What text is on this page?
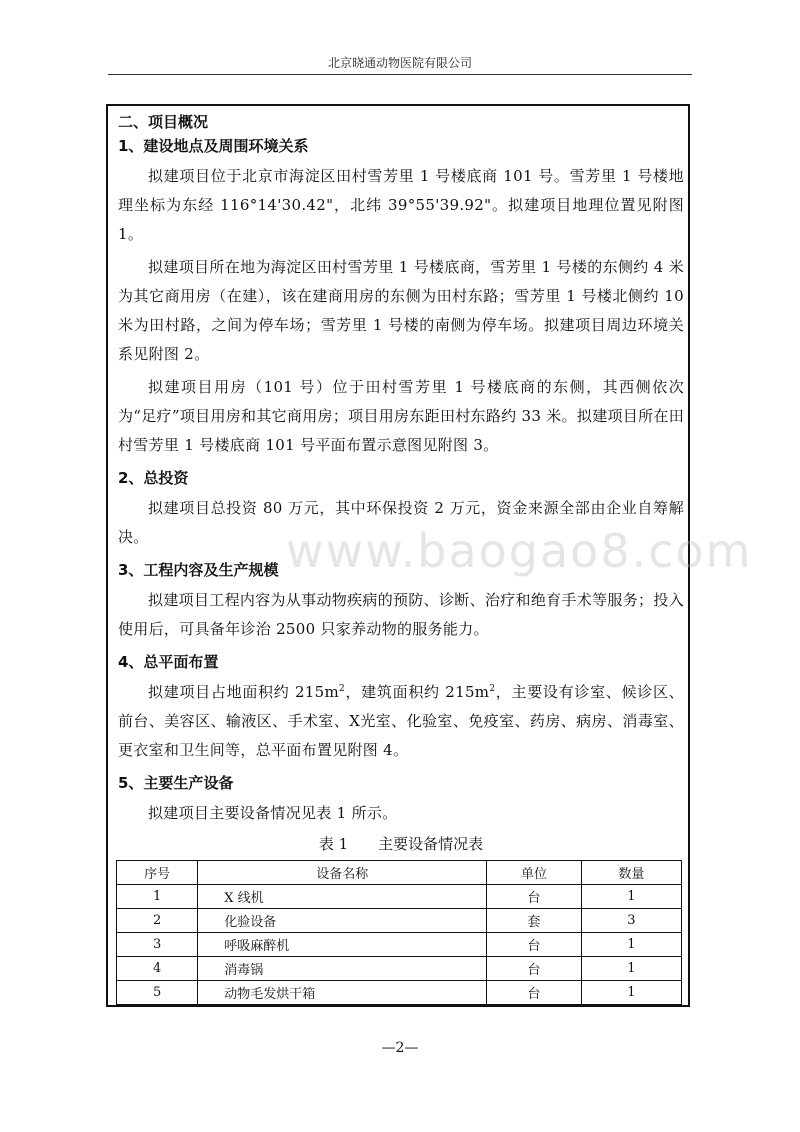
北京晓通动物医院有限公司
www.baogao8.com

二、项目概况

1、建设地点及周围环境关系

拟建项目位于北京市海淀区田村雪芳里 1 号楼底商 101 号。雪芳里 1 号楼地理坐标为东经 116°14'30.42"，北纬 39°55'39.92"。拟建项目地理位置见附图 1。

拟建项目所在地为海淀区田村雪芳里 1 号楼底商，雪芳里 1 号楼的东侧约 4 米为其它商用房（在建），该在建商用房的东侧为田村东路；雪芳里 1 号楼北侧约 10 米为田村路，之间为停车场；雪芳里 1 号楼的南侧为停车场。拟建项目周边环境关系见附图 2。

拟建项目用房（101 号）位于田村雪芳里 1 号楼底商的东侧，其西侧依次为“足疗”项目用房和其它商用房；项目用房东距田村东路约 33 米。拟建项目所在田村雪芳里 1 号楼底商 101 号平面布置示意图见附图 3。

2、总投资

拟建项目总投资 80 万元，其中环保投资 2 万元，资金来源全部由企业自筹解决。

3、工程内容及生产规模

拟建项目工程内容为从事动物疾病的预防、诊断、治疗和绝育手术等服务；投入使用后，可具备年诊治 2500 只家养动物的服务能力。

4、总平面布置

拟建项目占地面积约 $215m^2$，建筑面积约 $215m^2$，主要设有诊室、候诊区、前台、美容区、输液区、手术室、X光室、化验室、免疫室、药房、病房、消毒室、更衣室和卫生间等，总平面布置见附图 4。

5、主要生产设备

拟建项目主要设备情况见表 1 所示。

表 1　　主要设备情况表

序号	设备名称	单位	数量
1	X 线机	台	1
2	化验设备	套	3
3	呼吸麻醉机	台	1
4	消毒锅	台	1
5	动物毛发烘干箱	台	1
—2—
